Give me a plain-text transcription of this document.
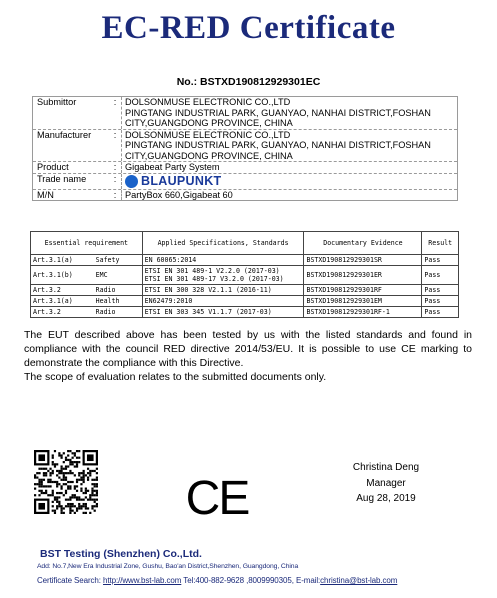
EC-RED Certificate
No.: BSTXD190812929301EC
Submittor	: DOLSONMUSE ELECTRONIC CO.,LTD
PINGTANG INDUSTRIAL PARK, GUANYAO, NANHAI DISTRICT,FOSHAN
CITY,GUANGDONG PROVINCE, CHINA
Manufacturer	: DOLSONMUSE ELECTRONIC CO.,LTD
PINGTANG INDUSTRIAL PARK, GUANYAO, NANHAI DISTRICT,FOSHAN
CITY,GUANGDONG PROVINCE, CHINA
Product	: Gigabeat Party System
Trade name	:	BLAUPUNKT
M/N	: PartyBox 660,Gigabeat 60
Essential requirement		Applied Specifications, Standards	Documentary Evidence	Result
Art.3.1(a)	Safety	EN 60065:2014	BSTXD190812929301SR	Pass
Art.3.1(b)	EMC	ETSI EN 301 489-1 V2.2.0 (2017-03)
ETSI EN 301 489-17 V3.2.0 (2017-03)	BSTXD190812929301ER	Pass
Art.3.2	Radio	ETSI EN 300 328 V2.1.1 (2016-11)	BSTXD190812929301RF	Pass
Art.3.1(a)	Health	EN62479:2010	BSTXD190812929301EM	Pass
Art.3.2	Radio	ETSI EN 303 345 V1.1.7 (2017-03)	BSTXD190812929301RF-1	Pass

The EUT described above has been tested by us with the listed standards and found in compliance with the council RED directive 2014/53/EU. It is possible to use CE marking to demonstrate the compliance with this Directive.

The scope of evaluation relates to the submitted documents only.

CE
Christina Deng
Manager
Aug 28, 2019
BST Testing (Shenzhen) Co.,Ltd.
Add: No.7,New Era Industrial Zone, Gushu, Bao'an District,Shenzhen, Guangdong, China
Certificate Search: http://www.bst-lab.com Tel:400-882-9628 ,8009990305, E-mail:christina@bst-lab.com
